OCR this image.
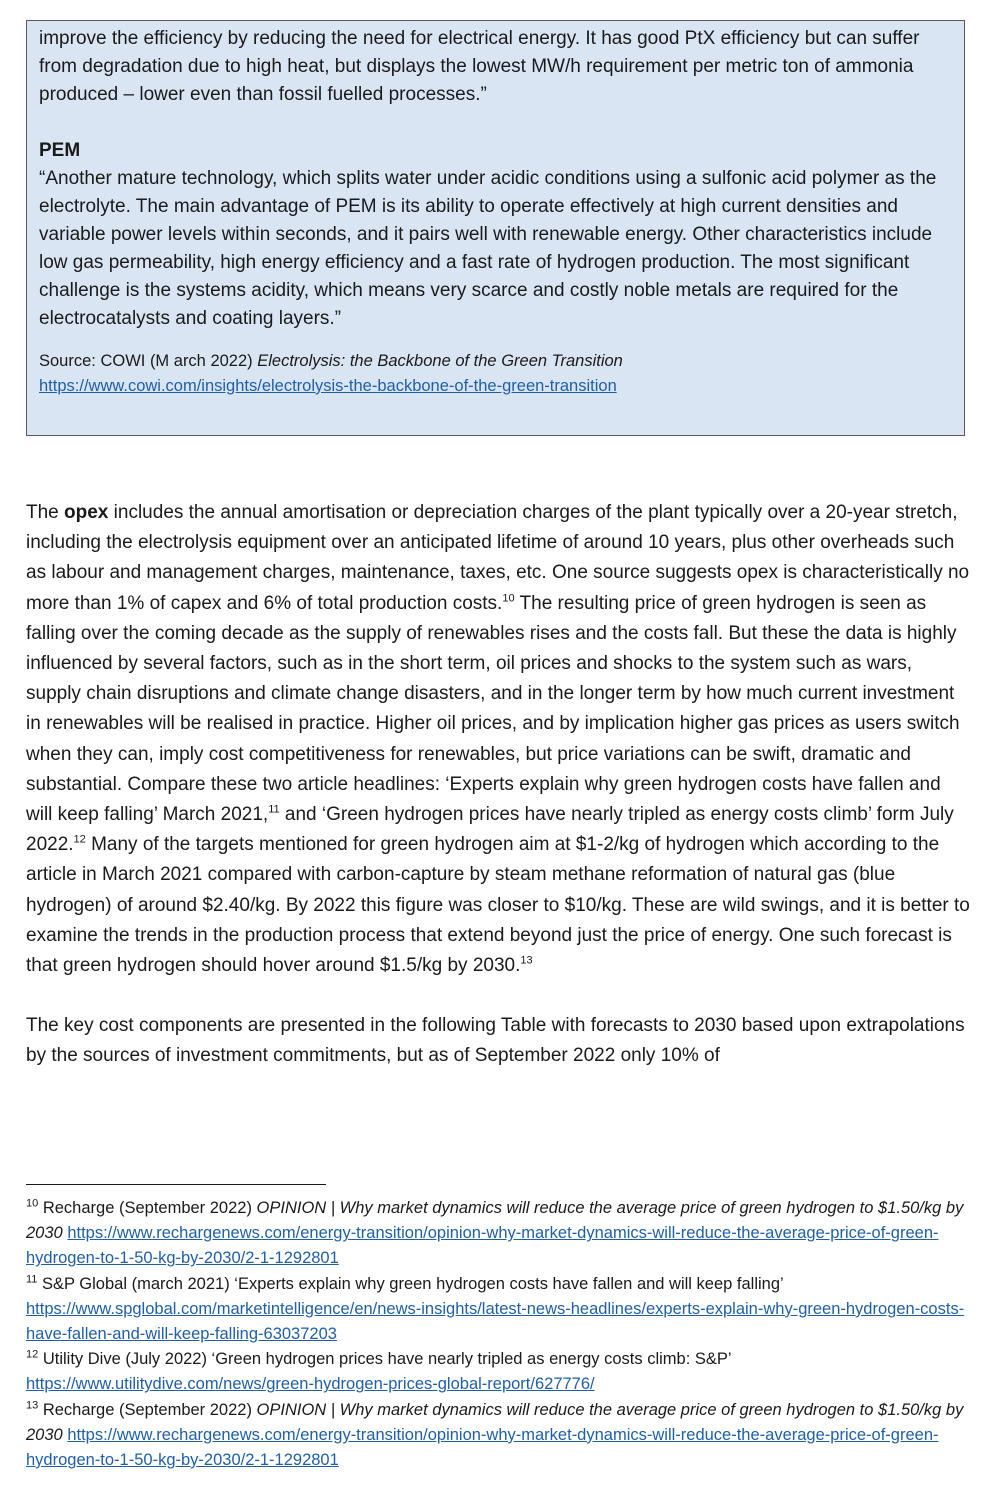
improve the efficiency by reducing the need for electrical energy. It has good PtX efficiency but can suffer from degradation due to high heat, but displays the lowest MW/h requirement per metric ton of ammonia produced – lower even than fossil fuelled processes.”

PEM

“Another mature technology, which splits water under acidic conditions using a sulfonic acid polymer as the electrolyte. The main advantage of PEM is its ability to operate effectively at high current densities and variable power levels within seconds, and it pairs well with renewable energy. Other characteristics include low gas permeability, high energy efficiency and a fast rate of hydrogen production. The most significant challenge is the systems acidity, which means very scarce and costly noble metals are required for the electrocatalysts and coating layers.”

Source: COWI (M arch 2022) Electrolysis: the Backbone of the Green Transition
https://www.cowi.com/insights/electrolysis-the-backbone-of-the-green-transition

The opex includes the annual amortisation or depreciation charges of the plant typically over a 20-year stretch, including the electrolysis equipment over an anticipated lifetime of around 10 years, plus other overheads such as labour and management charges, maintenance, taxes, etc. One source suggests opex is characteristically no more than 1% of capex and 6% of total production costs.$^{10}$ The resulting price of green hydrogen is seen as falling over the coming decade as the supply of renewables rises and the costs fall. But these the data is highly influenced by several factors, such as in the short term, oil prices and shocks to the system such as wars, supply chain disruptions and climate change disasters, and in the longer term by how much current investment in renewables will be realised in practice. Higher oil prices, and by implication higher gas prices as users switch when they can, imply cost competitiveness for renewables, but price variations can be swift, dramatic and substantial. Compare these two article headlines: ‘Experts explain why green hydrogen costs have fallen and will keep falling’ March 2021,11 and ‘Green hydrogen prices have nearly tripled as energy costs climb’ form July 2022.12 Many of the targets mentioned for green hydrogen aim at $1-2/kg of hydrogen which according to the article in March 2021 compared with carbon-capture by steam methane reformation of natural gas (blue hydrogen) of around $2.40/kg. By 2022 this figure was closer to $10/kg. These are wild swings, and it is better to examine the trends in the production process that extend beyond just the price of energy. One such forecast is that green hydrogen should hover around $1.5/kg by 2030.13

The key cost components are presented in the following Table with forecasts to 2030 based upon extrapolations by the sources of investment commitments, but as of September 2022 only 10% of

$^{10}$ Recharge (September 2022) OPINION | Why market dynamics will reduce the average price of green hydrogen to $1.50/kg by 2030 https://www.rechargenews.com/energy-transition/opinion-why-market-dynamics-will-reduce-the-average-price-of-green-hydrogen-to-1-50-kg-by-2030/2-1-1292801

$^{11}$ S&P Global (march 2021) ‘Experts explain why green hydrogen costs have fallen and will keep falling’
https://www.spglobal.com/marketintelligence/en/news-insights/latest-news-headlines/experts-explain-why-green-hydrogen-costs-have-fallen-and-will-keep-falling-63037203

$^{12}$ Utility Dive (July 2022) ‘Green hydrogen prices have nearly tripled as energy costs climb: S&P’
https://www.utilitydive.com/news/green-hydrogen-prices-global-report/627776/

$^{13}$ Recharge (September 2022) OPINION | Why market dynamics will reduce the average price of green hydrogen to $1.50/kg by 2030 https://www.rechargenews.com/energy-transition/opinion-why-market-dynamics-will-reduce-the-average-price-of-green-hydrogen-to-1-50-kg-by-2030/2-1-1292801
